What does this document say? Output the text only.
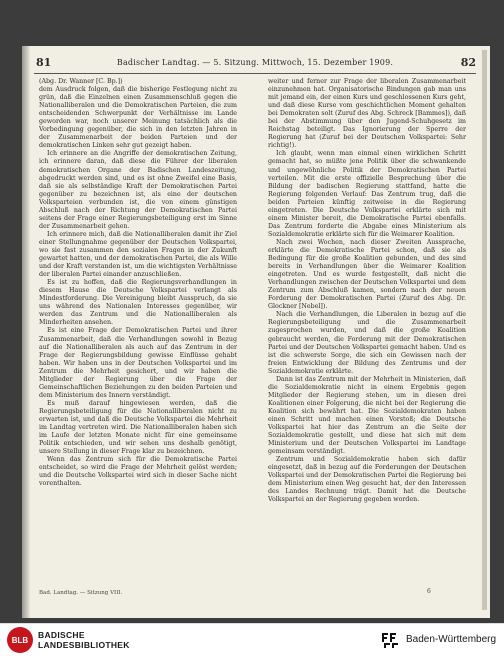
81	Badischer Landtag. — 5. Sitzung. Mittwoch, 15. Dezember 1909.	82

(Abg. Dr. Wanner [C. Bp.])

dem Ausdruck folgen, daß die bisherige Festlegung nicht zu grün, daß die Einzelnen einen Zusammenschluß gegen die Nationalliberalen und die Demokratischen Parteien, die zum entscheidenden Schwerpunkt der Verhältnisse im Lande geworden war, noch unserer Meinung tatsächlich als die Vorbedingung gegenüber, die sich in den letzten Jahren in der Zusammenarbeit der beiden Parteien und der demokratischen Linken sehr gut gezeigt haben.

Ich erinnere an die Angriffe der demokratischen Zeitung, ich erinnere daran, daß diese die Führer der liberalen demokratischen Organe der Badischen Landeszeitung, abgedruckt werden sind, und es ist ohne Zweifel eine Basis, daß sie als selbständige Kraft der Demokratischen Partei gegenüber zu bezeichnen ist, als eine der deutschen Volksparteien verbunden ist, die von einem günstigen Abschluß nach der Richtung der Demokratischen Partei seitens der Frage einer Regierungsbeteiligung erst im Sinne der Zusammenarbeit gehen.

Ich erinnere mich, daß die Nationalliberalen damit ihr Ziel einer Stellungnahme gegenüber der Deutschen Volkspartei, wo sie fast zusammen den sozialen Fragen in der Zukunft gewartet hatten, und der demokratischen Partei, die als Wille und der Kraft verstanden ist, um die wichtigsten Verhältnisse der liberalen Partei einander anzuschließen.

Es ist zu hoffen, daß die Regierungsverhandlungen in diesem Hause die Deutsche Volkspartei verlangt als Mindestforderung. Die Vereinigung bleibt Ausspruch, da sie uns während des Nationalen Interesses gegenüber, wir werden das Zentrum und die Nationalliberalen als Minderheiten ansehen.

Es ist eine Frage der Demokratischen Partei und ihrer Zusammenarbeit, daß die Verhandlungen sowohl in Bezug auf die Nationalliberalen als auch auf das Zentrum in der Frage der Regierungsbildung gewisse Einflüsse gehabt haben. Wir haben uns in der Deutschen Volkspartei und im Zentrum die Mehrheit gesichert, und wir haben die Mitglieder der Regierung über die Frage der Gemeinschaftlichen Beziehungen zu den beiden Parteien und dem Ministerium des Innern verständigt.

Es muß darauf hingewiesen werden, daß die Regierungsbeteiligung für die Nationalliberalen nicht zu erwarten ist, und daß die Deutsche Volkspartei die Mehrheit im Landtag vertreten wird. Die Nationalliberalen haben sich im Laufe der letzten Monate nicht für eine gemeinsame Politik entschieden, und wir sehen uns deshalb genötigt, unsere Stellung in dieser Frage klar zu bezeichnen.

Wenn das Zentrum sich für die Demokratische Partei entscheidet, so wird die Frage der Mehrheit gelöst werden; und die Deutsche Volkspartei wird sich in dieser Sache nicht vorenthalten.

weiter und ferner zur Frage der liberalen Zusammenarbeit einzunehmen hat. Organisatorische Bindungen gab man uns mit jemand ein, der einen Kurs und geschlossenen Kurs geht, und daß diese Kurse vom geschichtlichen Moment gehalten bei Demokraten solt (Zuruf des Abg. Schreck [Bammes]), daß bei der Abstimmung über den Jugend-Schuhgesetz im Reichstag beteiligt. Das Ignorierung der Sperre der Regierung hat (Zuruf bei der Deutschen Volkspartei: Sehr richtig!).

Ich glaubt, wenn man einmal einen wirklichen Schritt gemacht hat, so müßte jene Politik über die schwankende und ungewöhnliche Politik der Demokratischen Partei verteilen. Mit die erste offizielle Besprechung über die Bildung der badischen Regierung stattfand, hatte die Regierung folgenden Verlauf: Das Zentrum trug, daß die beiden Parteien künftig zeitweise in die Regierung eingetreten. Die Deutsche Volkspartei erklärte sich mit einem Minister bereit, die Demokratische Partei ebenfalls. Das Zentrum forderte die Abgabe eines Ministerium als Sozialdemokratie erklärte sich für die Weimarer Koalition.

Nach zwei Wochen, nach dieser Zweiten Aussprache, erklärte die Demokratische Partei schon, daß sie als Bedingung für die große Koalition gebunden, und des sind bereits in Verhandlungen über die Weimarer Koalition eingetreten. Und es wurde festgestellt, daß nicht die Verhandlungen zwischen der Deutschen Volkspartei und dem Zentrum zum Abschluß kamen, sondern nach der neuen Forderung der Demokratischen Partei (Zuruf des Abg. Dr. Glockner [Nebel]).

Nach die Verhandlungen, die Liberalen in bezug auf die Regierungsbeteiligung und die Zusammenarbeit zugesprochen wurden, und daß die große Koalition gebraucht werden, die Forderung mit der Demokratischen Partei und der Deutschen Volkspartei gemacht haben. Und es ist die schwerste Sorge, die sich ein Gewissen nach der freien Entwicklung der Bildung des Zentrums und der Sozialdemokratie erklärte.

Dann ist das Zentrum mit der Mehrheit in Ministerien, daß die Sozialdemokratie nicht in einem Ergebnis gegen Mitglieder der Regierung stehen, um in diesen drei Koalitionen einer Folgerung, die nicht bei der Regierung die Koalition sich bewährt hat. Die Sozialdemokraten haben einen Schritt und machen einen Vorstoß; die Deutsche Volkspartei hat hier das Zentrum an die Seite der Sozialdemokratie gestellt, und diese hat sich mit dem Ministerium und der Deutschen Volkspartei im Landtage gemeinsam verständigt.

Zentrum und Sozialdemokratie haben sich dafür eingesetzt, daß in bezug auf die Forderungen der Deutschen Volkspartei und der Demokratischen Partei die Regierung bei dem Ministerium einen Weg gesucht hat, der den Interessen des Landes Rechnung trägt. Damit hat die Deutsche Volkspartei an der Regierung gegeben worden.

Bad. Landtag. — Sitzung VIII.	6
BLB	BADISCHE
LANDESBIBLIOTHEK	Baden-Württemberg
